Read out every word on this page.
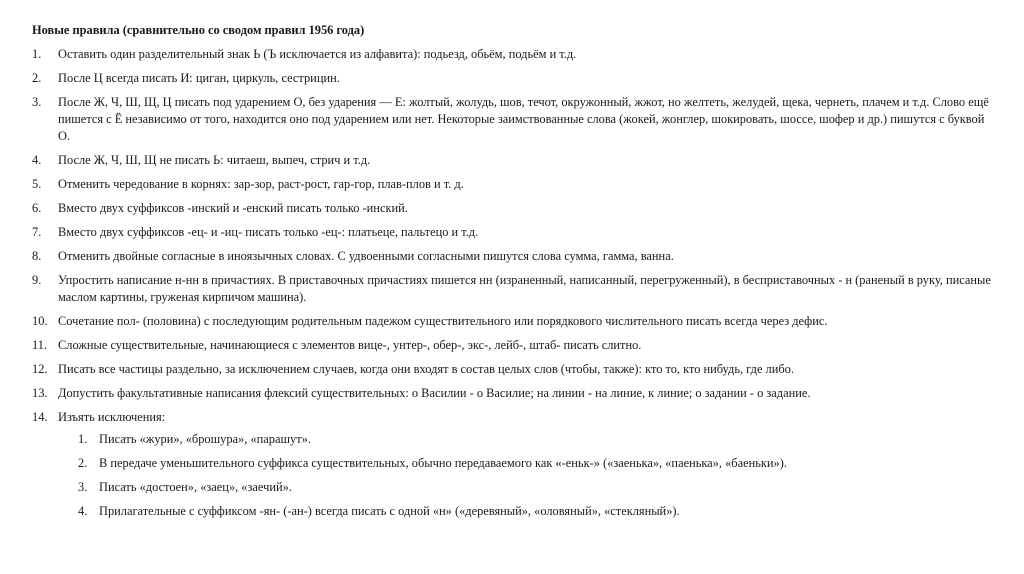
Новые правила (сравнительно со сводом правил 1956 года)
1.	Оставить один разделительный знак Ь (Ъ исключается из алфавита): подьезд, обьём, подьём и т.д.
2.	После Ц всегда писать И: циган, циркуль, сестрицин.
3.	После Ж, Ч, Ш, Щ, Ц писать под ударением О, без ударения — Е: жолтый, жолудь, шов, течот, окружонный, жжот, но желтеть, желудей, щека, чернеть, плачем и т.д. Слово ещё пишется с Ё независимо от того, находится оно под ударением или нет. Некоторые заимствованные слова (жокей, жонглер, шокировать, шоссе, шофер и др.) пишутся с буквой О.
4.	После Ж, Ч, Ш, Щ не писать Ь: читаеш, выпеч, стрич и т.д.
5.	Отменить чередование в корнях: зар-зор, раст-рост, гар-гор, плав-плов и т. д.
6.	Вместо двух суффиксов -инский и -енский писать только -инский.
7.	Вместо двух суффиксов -ец- и -иц- писать только -ец-: платьеце, пальтецо и т.д.
8.	Отменить двойные согласные в иноязычных словах. С удвоенными согласными пишутся слова сумма, гамма, ванна.
9.	Упростить написание н-нн в причастиях. В приставочных причастиях пишется нн (израненный, написанный, перегруженный), в бесприставочных - н (раненый в руку, писаные маслом картины, груженая кирпичом машина).
10. Сочетание пол- (половина) с последующим родительным падежом существительного или порядкового числительного писать всегда через дефис.
11. Сложные существительные, начинающиеся с элементов вице-, унтер-, обер-, экс-, лейб-, штаб- писать слитно.
12. Писать все частицы раздельно, за исключением случаев, когда они входят в состав целых слов (чтобы, также): кто то, кто нибудь, где либо.
13. Допустить факультативные написания флексий существительных: о Василии - о Василие; на линии - на линие, к линие; о задании - о задание.
14. Изъять исключения:
1. Писать «жури», «брошура», «парашут».
2. В передаче уменьшительного суффикса существительных, обычно передаваемого как «-еньк-» («заенька», «паенька», «баеньки»).
3. Писать «достоен», «заец», «заечий».
4. Прилагательные с суффиксом -ян- (-ан-) всегда писать с одной «н» («деревяный», «оловяный», «стекляный»).
